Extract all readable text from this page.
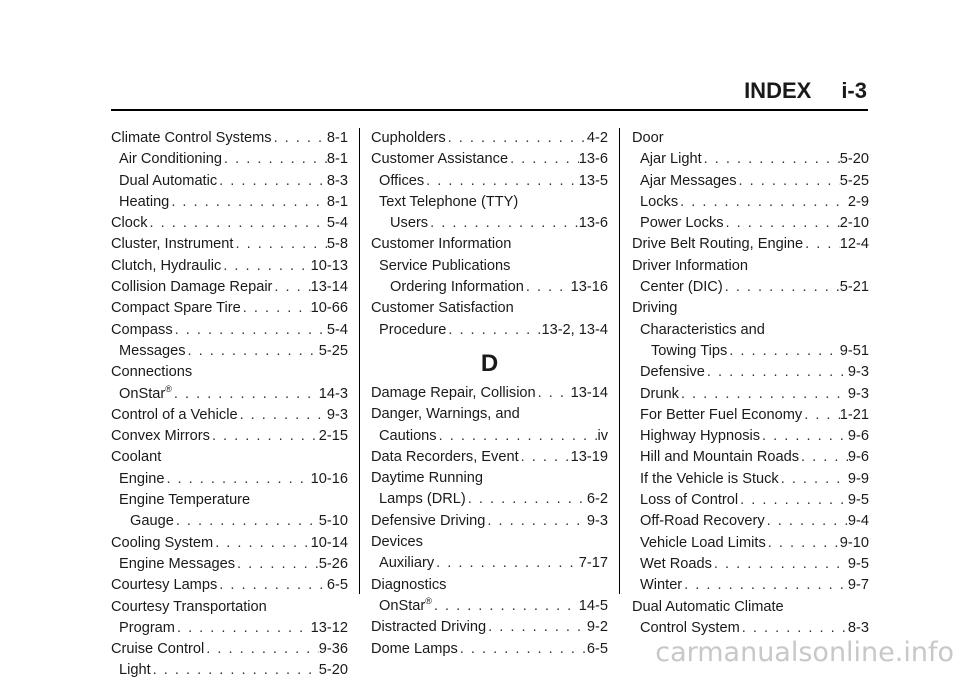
INDEX i-3
Climate Control Systems . . .	8-1
Air Conditioning . . .	8-1
Dual Automatic . . .	8-3
Heating . . .	8-1
Clock . . .	5-4
Cluster, Instrument . . .	5-8
Clutch, Hydraulic . . .	10-13
Collision Damage Repair . . .	13-14
Compact Spare Tire . . .	10-66
Compass . . .	5-4
Messages . . .	5-25
Connections
OnStar® . . .	14-3
Control of a Vehicle . . .	9-3
Convex Mirrors . . .	2-15
Coolant
Engine . . .	10-16
Engine Temperature
Gauge . . .	5-10
Cooling System . . .	10-14
Engine Messages . . .	5-26
Courtesy Lamps . . .	6-5
Courtesy Transportation
Program . . .	13-12
Cruise Control . . .	9-36
Light . . .	5-20
Cupholders . . .	4-2
Customer Assistance . . .	13-6
Offices . . .	13-5
Text Telephone (TTY)
Users . . .	13-6
Customer Information
Service Publications
Ordering Information . . .	13-16
Customer Satisfaction
Procedure . . .	13-2, 13-4
D
Damage Repair, Collision . . . 13-14
Danger, Warnings, and
Cautions . . .	iv
Data Recorders, Event . . .	13-19
Daytime Running
Lamps (DRL) . . .	6-2
Defensive Driving . . .	9-3
Devices
Auxiliary . . .	7-17
Diagnostics
OnStar® . . .	14-5
Distracted Driving . . .	9-2
Dome Lamps . . .	6-5
Door
Ajar Light . . .	5-20
Ajar Messages . . .	5-25
Locks . . .	2-9
Power Locks . . .	2-10
Drive Belt Routing, Engine . . .	12-4
Driver Information
Center (DIC) . . .	5-21
Driving
Characteristics and
Towing Tips . . .	9-51
Defensive . . .	9-3
Drunk . . .	9-3
For Better Fuel Economy . . .	1-21
Highway Hypnosis . . .	9-6
Hill and Mountain Roads . . .	9-6
If the Vehicle is Stuck . . .	9-9
Loss of Control . . .	9-5
Off-Road Recovery . . .	9-4
Vehicle Load Limits . . .	9-10
Wet Roads . . .	9-5
Winter . . .	9-7
Dual Automatic Climate
Control System . . .	8-3
carmanualsonline.info
